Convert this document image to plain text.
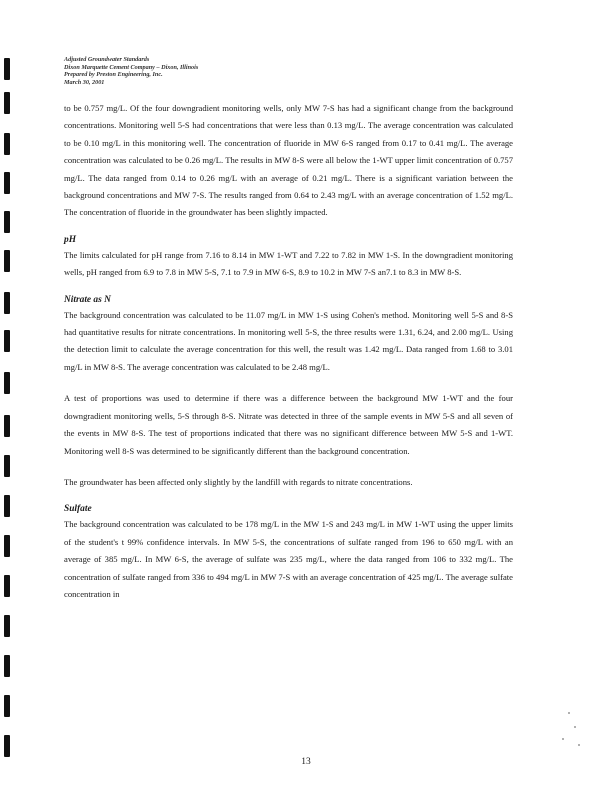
Adjusted Groundwater Standards
Dixon Marquette Cement Company – Dixon, Illinois
Prepared by Preston Engineering, Inc.
March 30, 2001

to be 0.757 mg/L. Of the four downgradient monitoring wells, only MW 7-S has had a significant change from the background concentrations. Monitoring well 5-S had concentrations that were less than 0.13 mg/L. The average concentration was calculated to be 0.10 mg/L in this monitoring well. The concentration of fluoride in MW 6-S ranged from 0.17 to 0.41 mg/L. The average concentration was calculated to be 0.26 mg/L. The results in MW 8-S were all below the 1-WT upper limit concentration of 0.757 mg/L. The data ranged from 0.14 to 0.26 mg/L with an average of 0.21 mg/L. There is a significant variation between the background concentrations and MW 7-S. The results ranged from 0.64 to 2.43 mg/L with an average concentration of 1.52 mg/L. The concentration of fluoride in the groundwater has been slightly impacted.

pH

The limits calculated for pH range from 7.16 to 8.14 in MW 1-WT and 7.22 to 7.82 in MW 1-S. In the downgradient monitoring wells, pH ranged from 6.9 to 7.8 in MW 5-S, 7.1 to 7.9 in MW 6-S, 8.9 to 10.2 in MW 7-S an7.1 to 8.3 in MW 8-S.

Nitrate as N

The background concentration was calculated to be 11.07 mg/L in MW 1-S using Cohen's method. Monitoring well 5-S and 8-S had quantitative results for nitrate concentrations. In monitoring well 5-S, the three results were 1.31, 6.24, and 2.00 mg/L. Using the detection limit to calculate the average concentration for this well, the result was 1.42 mg/L. Data ranged from 1.68 to 3.01 mg/L in MW 8-S. The average concentration was calculated to be 2.48 mg/L.

A test of proportions was used to determine if there was a difference between the background MW 1-WT and the four downgradient monitoring wells, 5-S through 8-S. Nitrate was detected in three of the sample events in MW 5-S and all seven of the events in MW 8-S. The test of proportions indicated that there was no significant difference between MW 5-S and 1-WT. Monitoring well 8-S was determined to be significantly different than the background concentration.

The groundwater has been affected only slightly by the landfill with regards to nitrate concentrations.

Sulfate

The background concentration was calculated to be 178 mg/L in the MW 1-S and 243 mg/L in MW 1-WT using the upper limits of the student's t 99% confidence intervals. In MW 5-S, the concentrations of sulfate ranged from 196 to 650 mg/L with an average of 385 mg/L. In MW 6-S, the average of sulfate was 235 mg/L, where the data ranged from 106 to 332 mg/L. The concentration of sulfate ranged from 336 to 494 mg/L in MW 7-S with an average concentration of 425 mg/L. The average sulfate concentration in

13
